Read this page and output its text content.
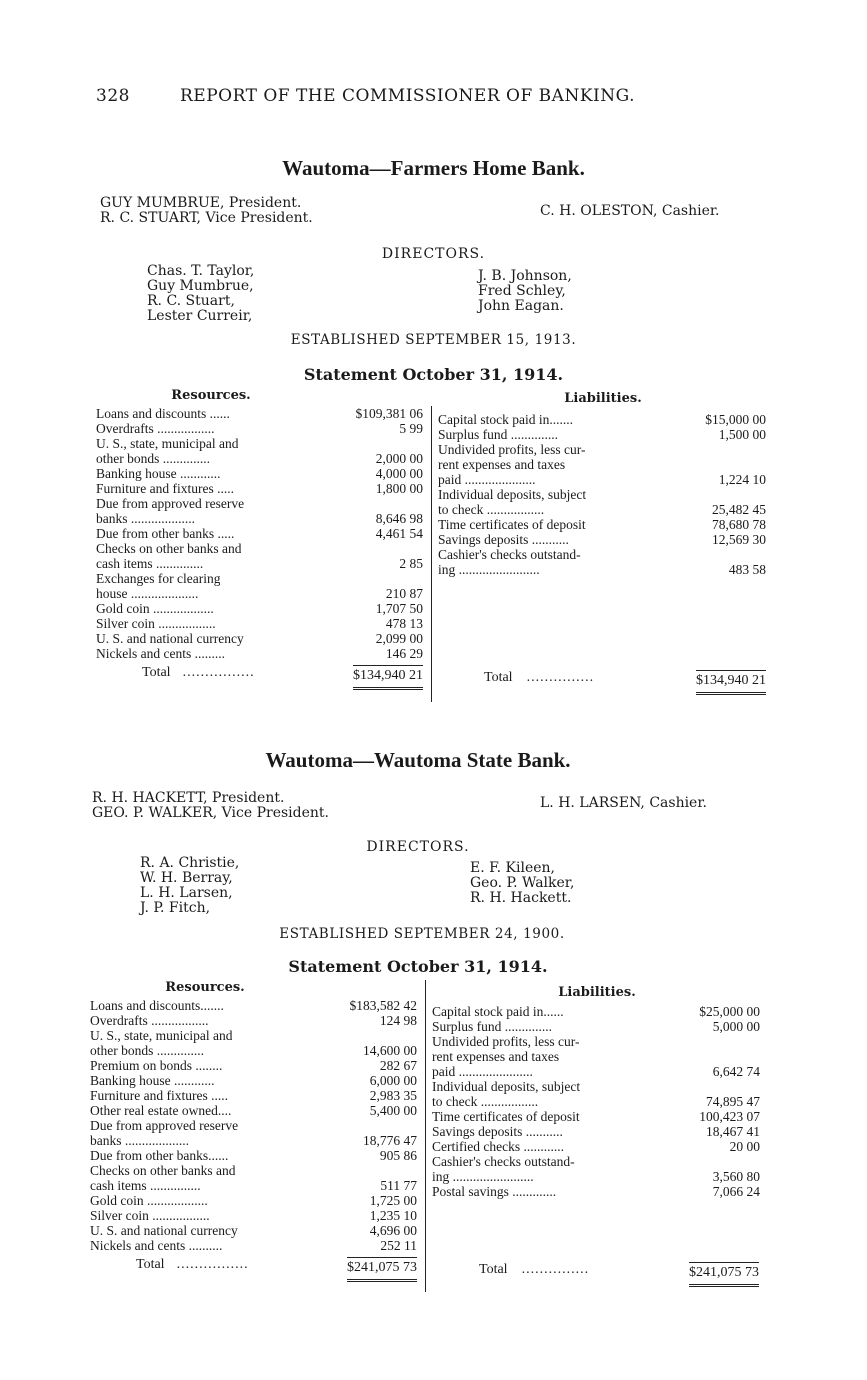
328	REPORT OF THE COMMISSIONER OF BANKING.
Wautoma—Farmers Home Bank.
GUY MUMBRUE, President.
R. C. STUART, Vice President.	C. H. OLESTON, Cashier.
DIRECTORS.
Chas. T. Taylor,
Guy Mumbrue,
R. C. Stuart,
Lester Curreir,
J. B. Johnson,
Fred Schley,
John Eagan.
ESTABLISHED SEPTEMBER 15, 1913.
Statement October 31, 1914.
Resources.	Liabilities.
Loans and discounts ......	$109,381 06
Overdrafts .................	5 99
U. S., state, municipal and
other bonds ..............	2,000 00
Banking house ............	4,000 00
Furniture and fixtures .....	1,800 00
Due from approved reserve
banks ...................	8,646 98
Due from other banks .....	4,461 54
Checks on other banks and
cash items ..............	2 85
Exchanges for clearing
house ....................	210 87
Gold coin ..................	1,707 50
Silver coin .................	478 13
U. S. and national currency	2,099 00
Nickels and cents .........	146 29
Capital stock paid in.......	$15,000 00
Surplus fund ..............	1,500 00
Undivided profits, less cur-
rent expenses and taxes
paid .....................	1,224 10
Individual deposits, subject
to check .................	25,482 45
Time certificates of deposit	78,680 78
Savings deposits ...........	12,569 30
Cashier's checks outstand-
ing ........................	483 58
Total ................	$134,940 21	Total ...............	$134,940 21
Wautoma—Wautoma State Bank.
R. H. HACKETT, President.
GEO. P. WALKER, Vice President.
L. H. LARSEN, Cashier.
DIRECTORS.
R. A. Christie,
W. H. Berray,
L. H. Larsen,
J. P. Fitch,
E. F. Kileen,
Geo. P. Walker,
R. H. Hackett.
ESTABLISHED SEPTEMBER 24, 1900.
Statement October 31, 1914.
Resources.	Liabilities.
Loans and discounts.......	$183,582 42
Overdrafts .................	124 98
U. S., state, municipal and
other bonds ..............	14,600 00
Premium on bonds ........	282 67
Banking house ............	6,000 00
Furniture and fixtures .....	2,983 35
Other real estate owned....	5,400 00
Due from approved reserve
banks ...................	18,776 47
Due from other banks......	905 86
Checks on other banks and
cash items ...............	511 77
Gold coin ..................	1,725 00
Silver coin .................	1,235 10
U. S. and national currency	4,696 00
Nickels and cents ..........	252 11
Capital stock paid in......	$25,000 00
Surplus fund ..............	5,000 00
Undivided profits, less cur-
rent expenses and taxes
paid ......................	6,642 74
Individual deposits, subject
to check .................	74,895 47
Time certificates of deposit	100,423 07
Savings deposits ...........	18,467 41
Certified checks ............	20 00
Cashier's checks outstand-
ing ........................	3,560 80
Postal savings .............	7,066 24
Total ................	$241,075 73	Total ...............	$241,075 73
